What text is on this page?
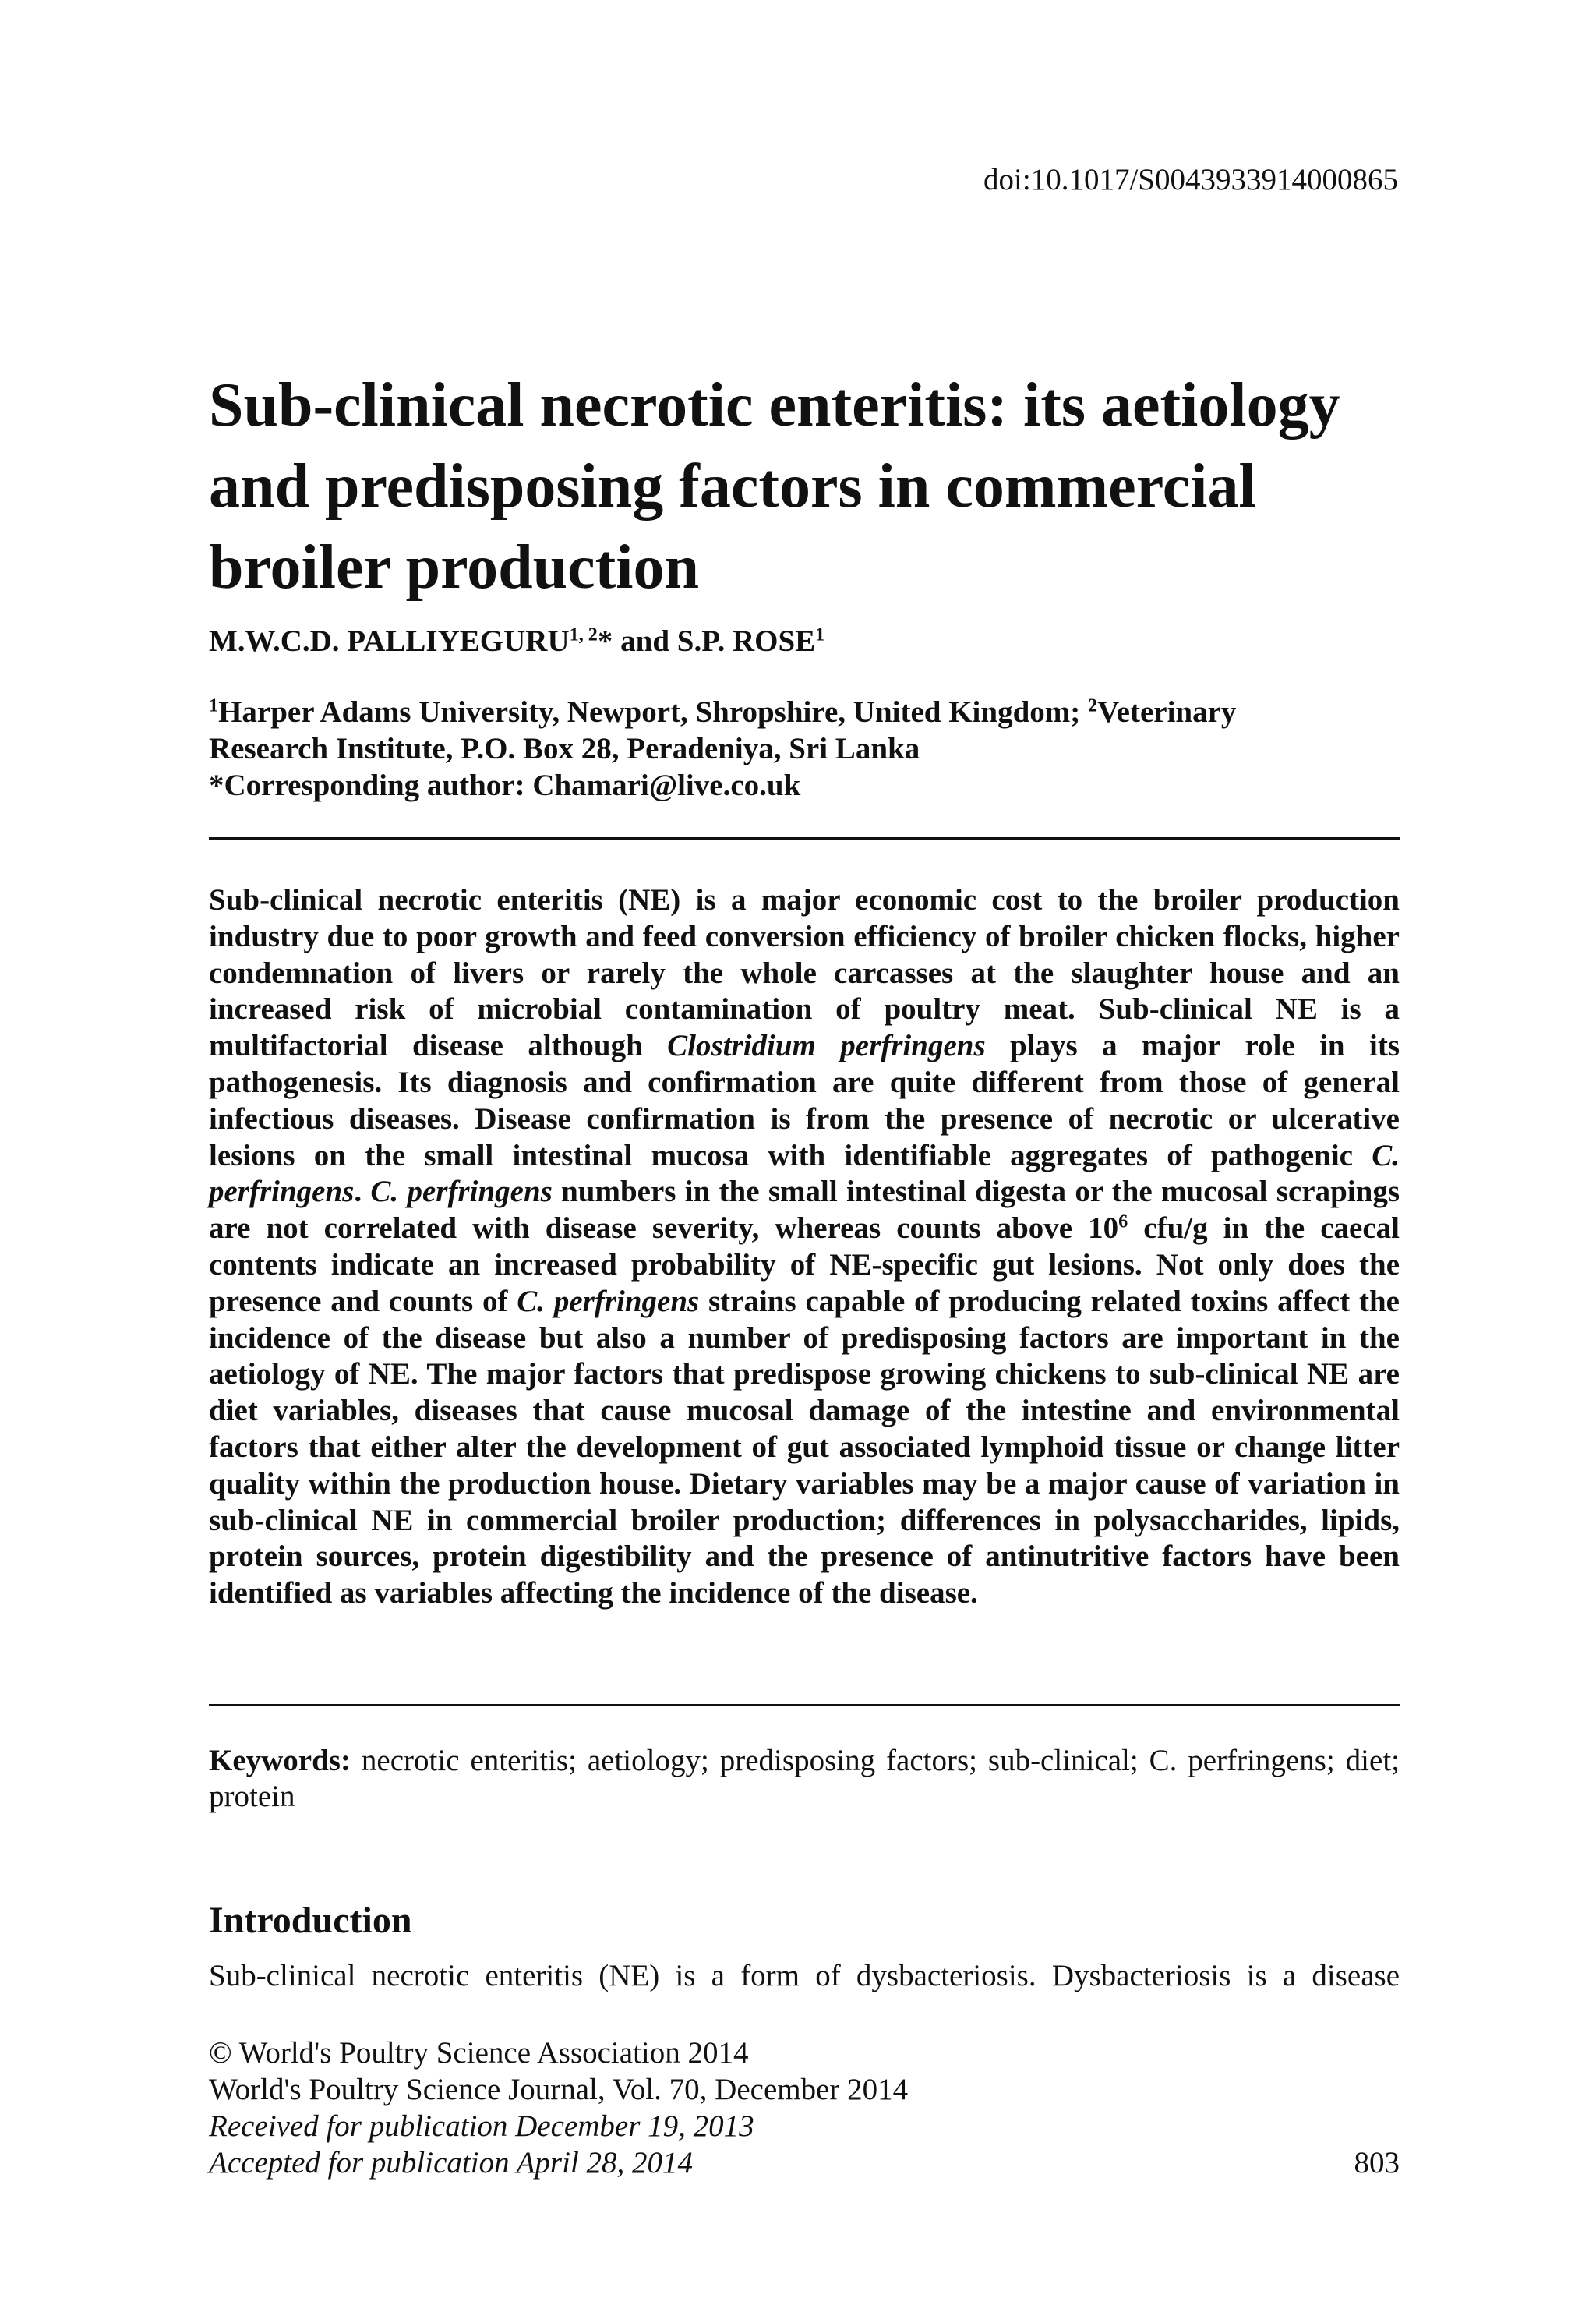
doi:10.1017/S0043933914000865
Sub-clinical necrotic enteritis: its aetiology and predisposing factors in commercial broiler production
M.W.C.D. PALLIYEGURU$^{1, 2}$* and S.P. ROSE$^1$
$^1$Harper Adams University, Newport, Shropshire, United Kingdom; $^2$Veterinary
Research Institute, P.O. Box 28, Peradeniya, Sri Lanka
*Corresponding author: Chamari@live.co.uk

Sub-clinical necrotic enteritis (NE) is a major economic cost to the broiler production industry due to poor growth and feed conversion efficiency of broiler chicken flocks, higher condemnation of livers or rarely the whole carcasses at the slaughter house and an increased risk of microbial contamination of poultry meat. Sub-clinical NE is a multifactorial disease although Clostridium perfringens plays a major role in its pathogenesis. Its diagnosis and confirmation are quite different from those of general infectious diseases. Disease confirmation is from the presence of necrotic or ulcerative lesions on the small intestinal mucosa with identifiable aggregates of pathogenic C. perfringens. C. perfringens numbers in the small intestinal digesta or the mucosal scrapings are not correlated with disease severity, whereas counts above $10^6$ cfu/g in the caecal contents indicate an increased probability of NE-specific gut lesions. Not only does the presence and counts of C. perfringens strains capable of producing related toxins affect the incidence of the disease but also a number of predisposing factors are important in the aetiology of NE. The major factors that predispose growing chickens to sub-clinical NE are diet variables, diseases that cause mucosal damage of the intestine and environmental factors that either alter the development of gut associated lymphoid tissue or change litter quality within the production house. Dietary variables may be a major cause of variation in sub-clinical NE in commercial broiler production; differences in polysaccharides, lipids, protein sources, protein digestibility and the presence of antinutritive factors have been identified as variables affecting the incidence of the disease.

Keywords: necrotic enteritis; aetiology; predisposing factors; sub-clinical; C. perfringens; diet; protein

Introduction

Sub-clinical necrotic enteritis (NE) is a form of dysbacteriosis. Dysbacteriosis is a disease

© World's Poultry Science Association 2014
World's Poultry Science Journal, Vol. 70, December 2014
Received for publication December 19, 2013
Accepted for publication April 28, 2014	803
